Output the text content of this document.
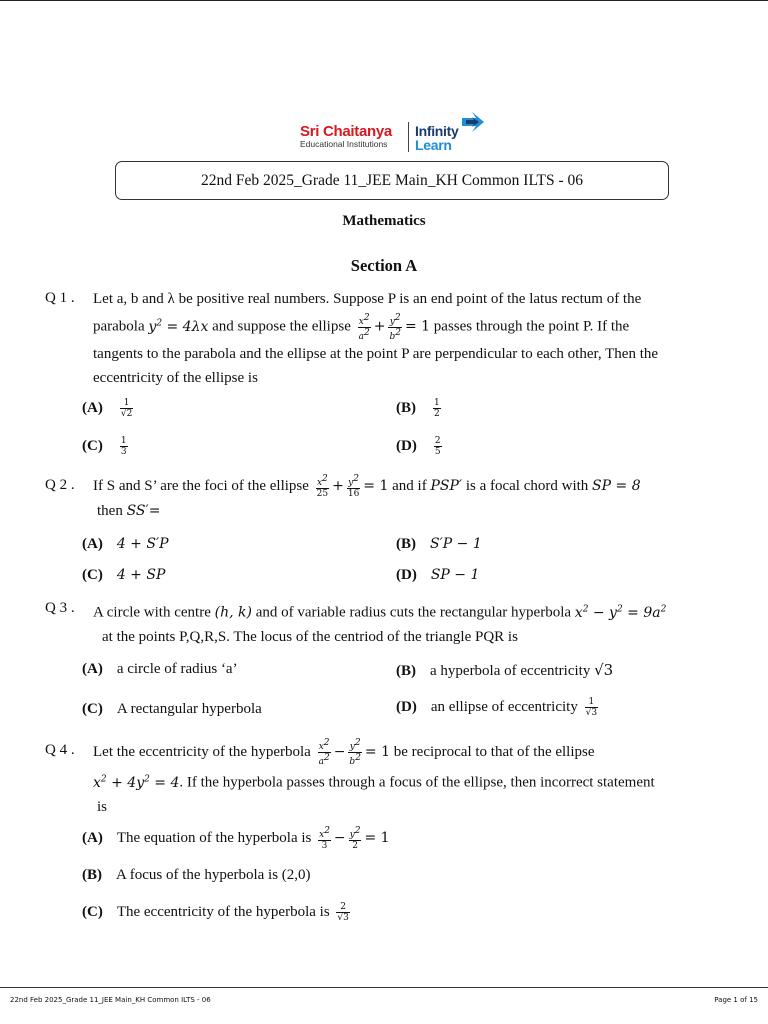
Sri Chaitanya
Educational Institutions
Infinity
Learn
22nd Feb 2025_Grade 11_JEE Main_KH Common ILTS - 06
Mathematics
Section A
Q 1 . Let a, b and λ be positive real numbers. Suppose P is an end point of the latus rectum of the
parabola $y^2 = 4\lambda x$ and suppose the ellipse $\frac{x^2}{a^2} + \frac{y^2}{b^2} = 1$ passes through the point P. If the
tangents to the parabola and the ellipse at the point P are perpendicular to each other, Then the
eccentricity of the ellipse is
$(A) \frac{1}{√2}$	$(B) \frac{1}{2}$
$(C) \frac{1}{3}$	$(D) \frac{2}{5}$
Q 2 . If S and S’ are the foci of the ellipse $\frac{x^2}{25} + \frac{y^2}{16} = 1$ and if PSP′ is a focal chord with SP = 8
then SS′=
(A) 4 + S′P	(B) S′P − 1
(C) 4 + SP	(D) SP − 1
Q 3 . A circle with centre (h, k) and of variable radius cuts the rectangular hyperbola $x^2 - y^2 = 9a^2$
at the points P,Q,R,S. The locus of the centriod of the triangle PQR is
(A) a circle of radius ‘a’	(B) a hyperbola of eccentricity √3
(C) A rectangular hyperbola	(D) an ellipse of eccentricity $\frac{1}{√3}$
Q 4 . Let the eccentricity of the hyperbola $\frac{x^2}{a^2} - \frac{y^2}{b^2} = 1$ be reciprocal to that of the ellipse
$x^2 + 4y^2 = 4$. If the hyperbola passes through a focus of the ellipse, then incorrect statement
is
(A) The equation of the hyperbola is $\frac{x^2}{3} - \frac{y^2}{2} = 1$
(B) A focus of the hyperbola is (2,0)
(C) The eccentricity of the hyperbola is $\frac{2}{√3}$
22nd Feb 2025_Grade 11_JEE Main_KH Common ILTS - 06	Page 1 of 15
